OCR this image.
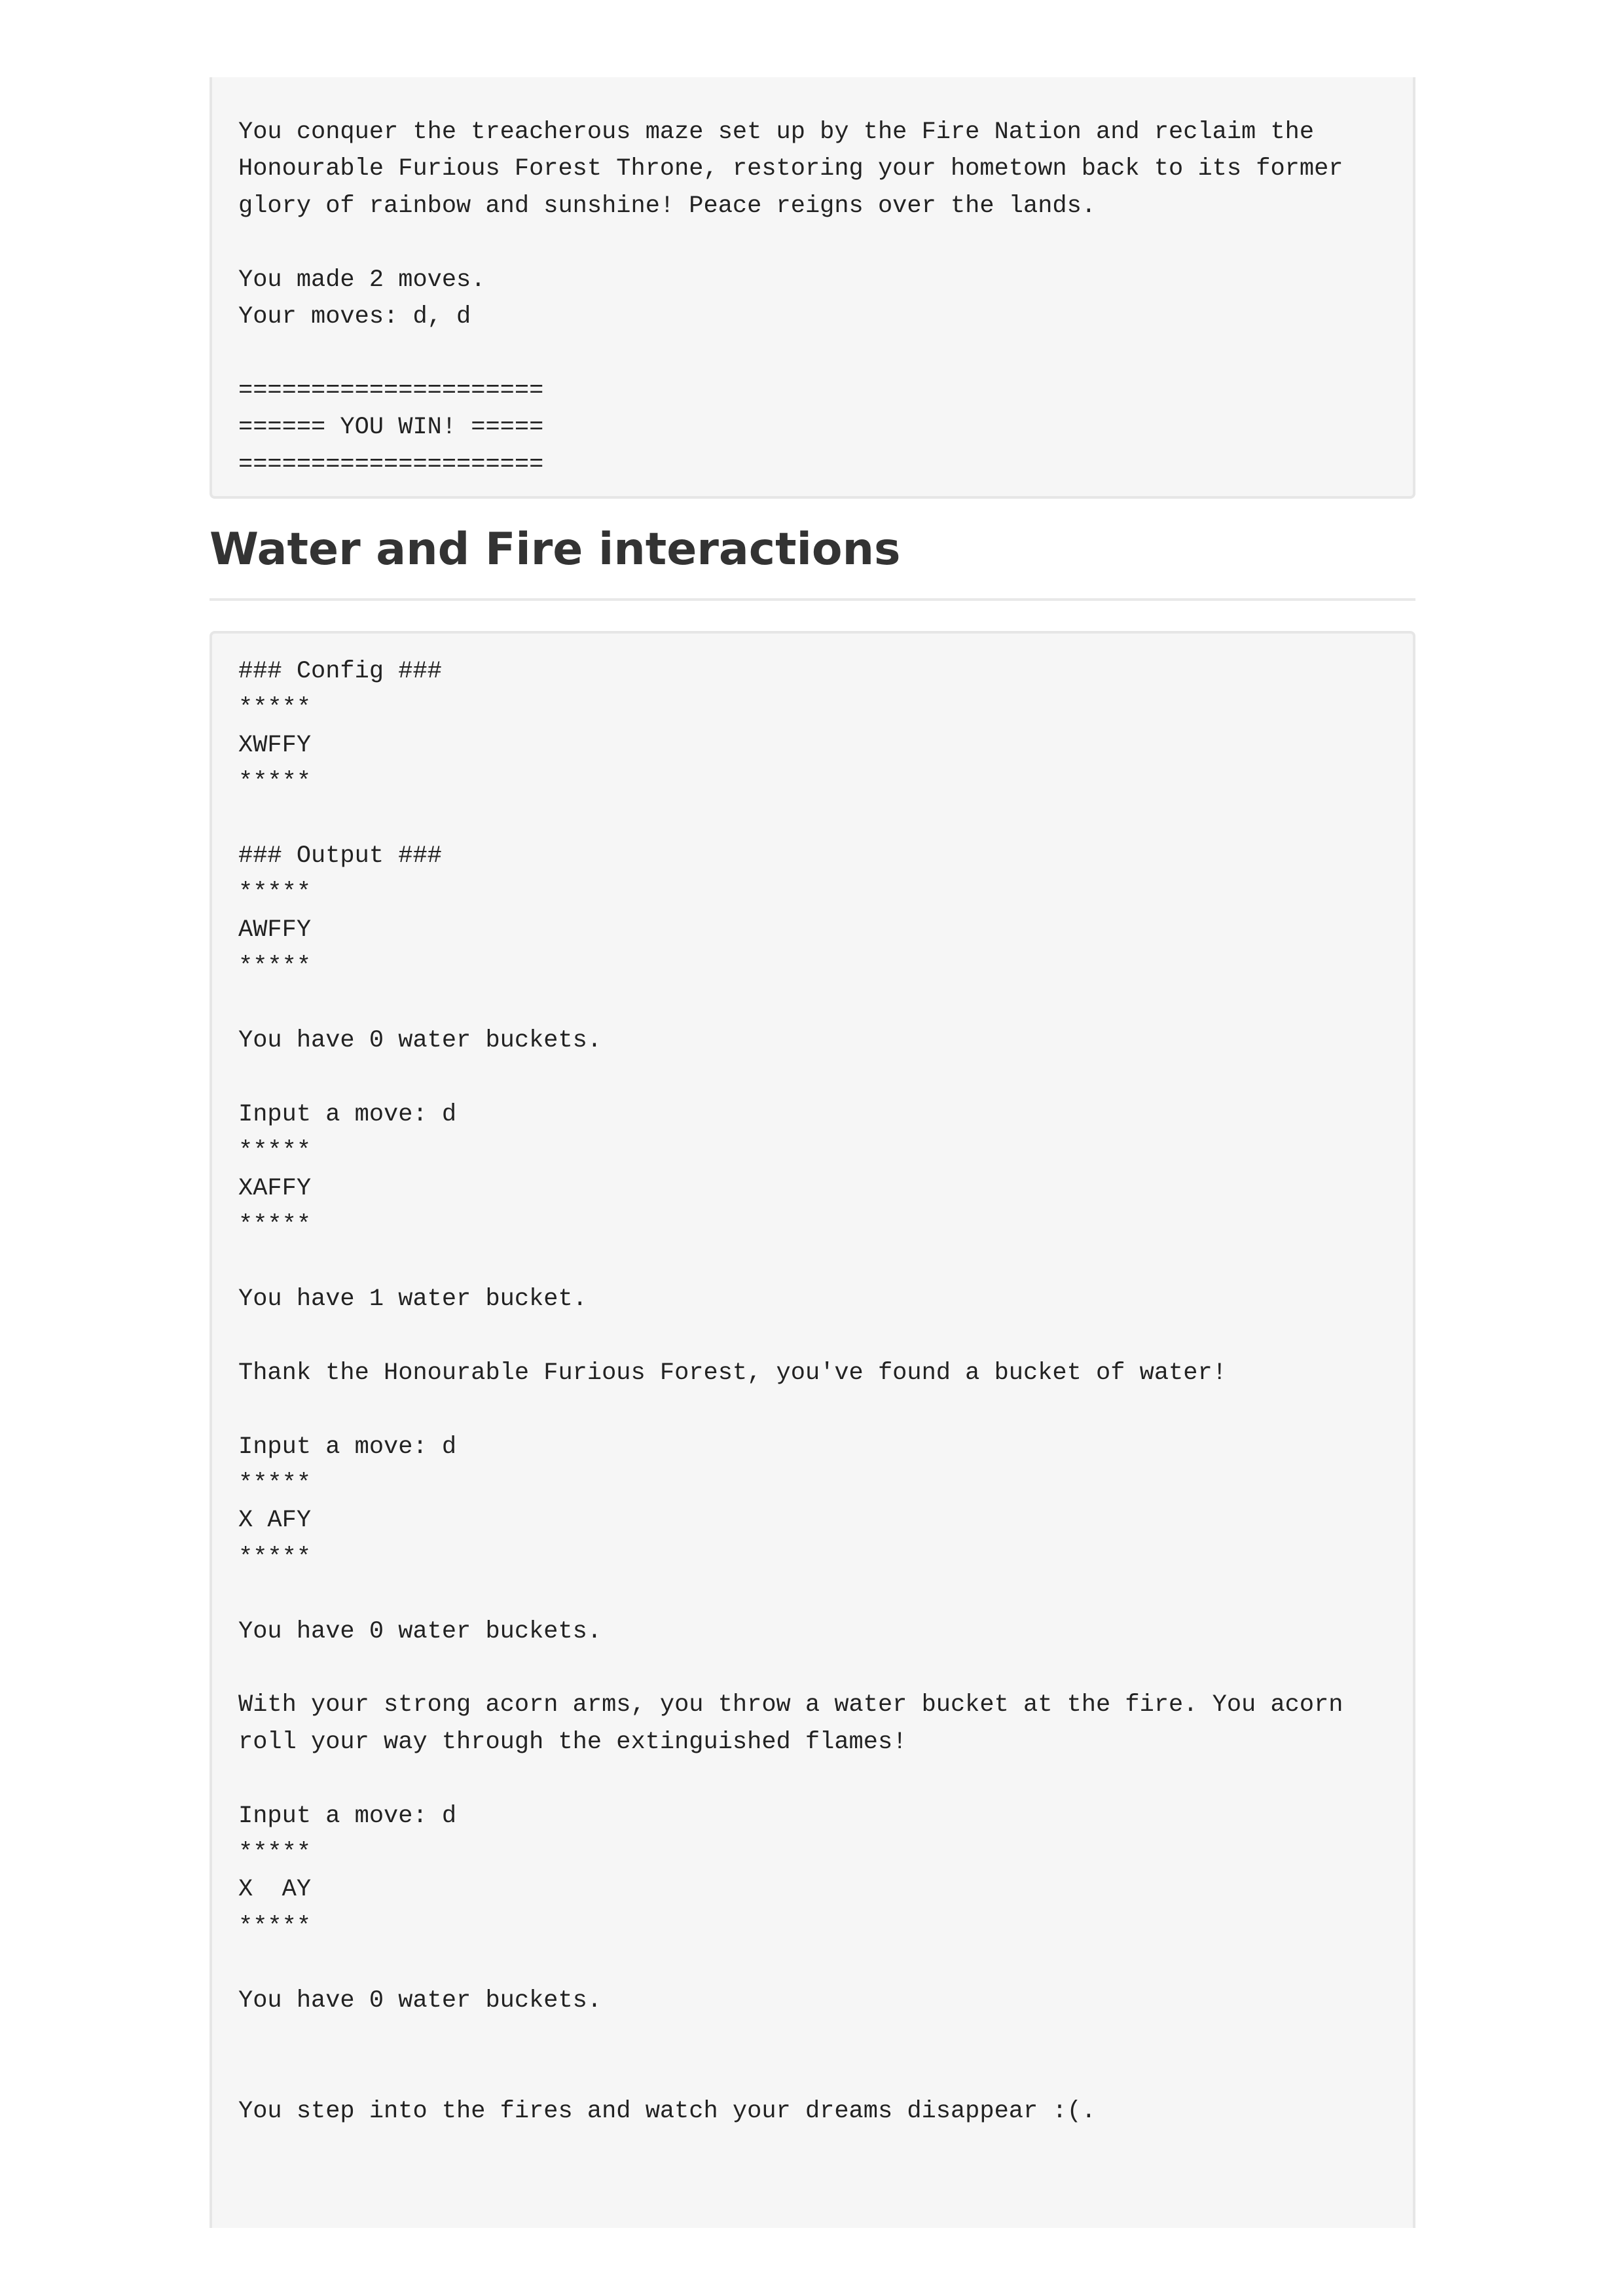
You conquer the treacherous maze set up by the Fire Nation and reclaim the
Honourable Furious Forest Throne, restoring your hometown back to its former
glory of rainbow and sunshine! Peace reigns over the lands.

You made 2 moves.
Your moves: d, d

=====================
====== YOU WIN! =====
=====================
Water and Fire interactions
### Config ###
*****
XWFFY
*****

### Output ###
*****
AWFFY
*****

You have 0 water buckets.

Input a move: d
*****
XAFFY
*****

You have 1 water bucket.

Thank the Honourable Furious Forest, you've found a bucket of water!

Input a move: d
*****
X AFY
*****

You have 0 water buckets.

With your strong acorn arms, you throw a water bucket at the fire. You acorn
roll your way through the extinguished flames!

Input a move: d
*****
X  AY
*****

You have 0 water buckets.

You step into the fires and watch your dreams disappear :(.
